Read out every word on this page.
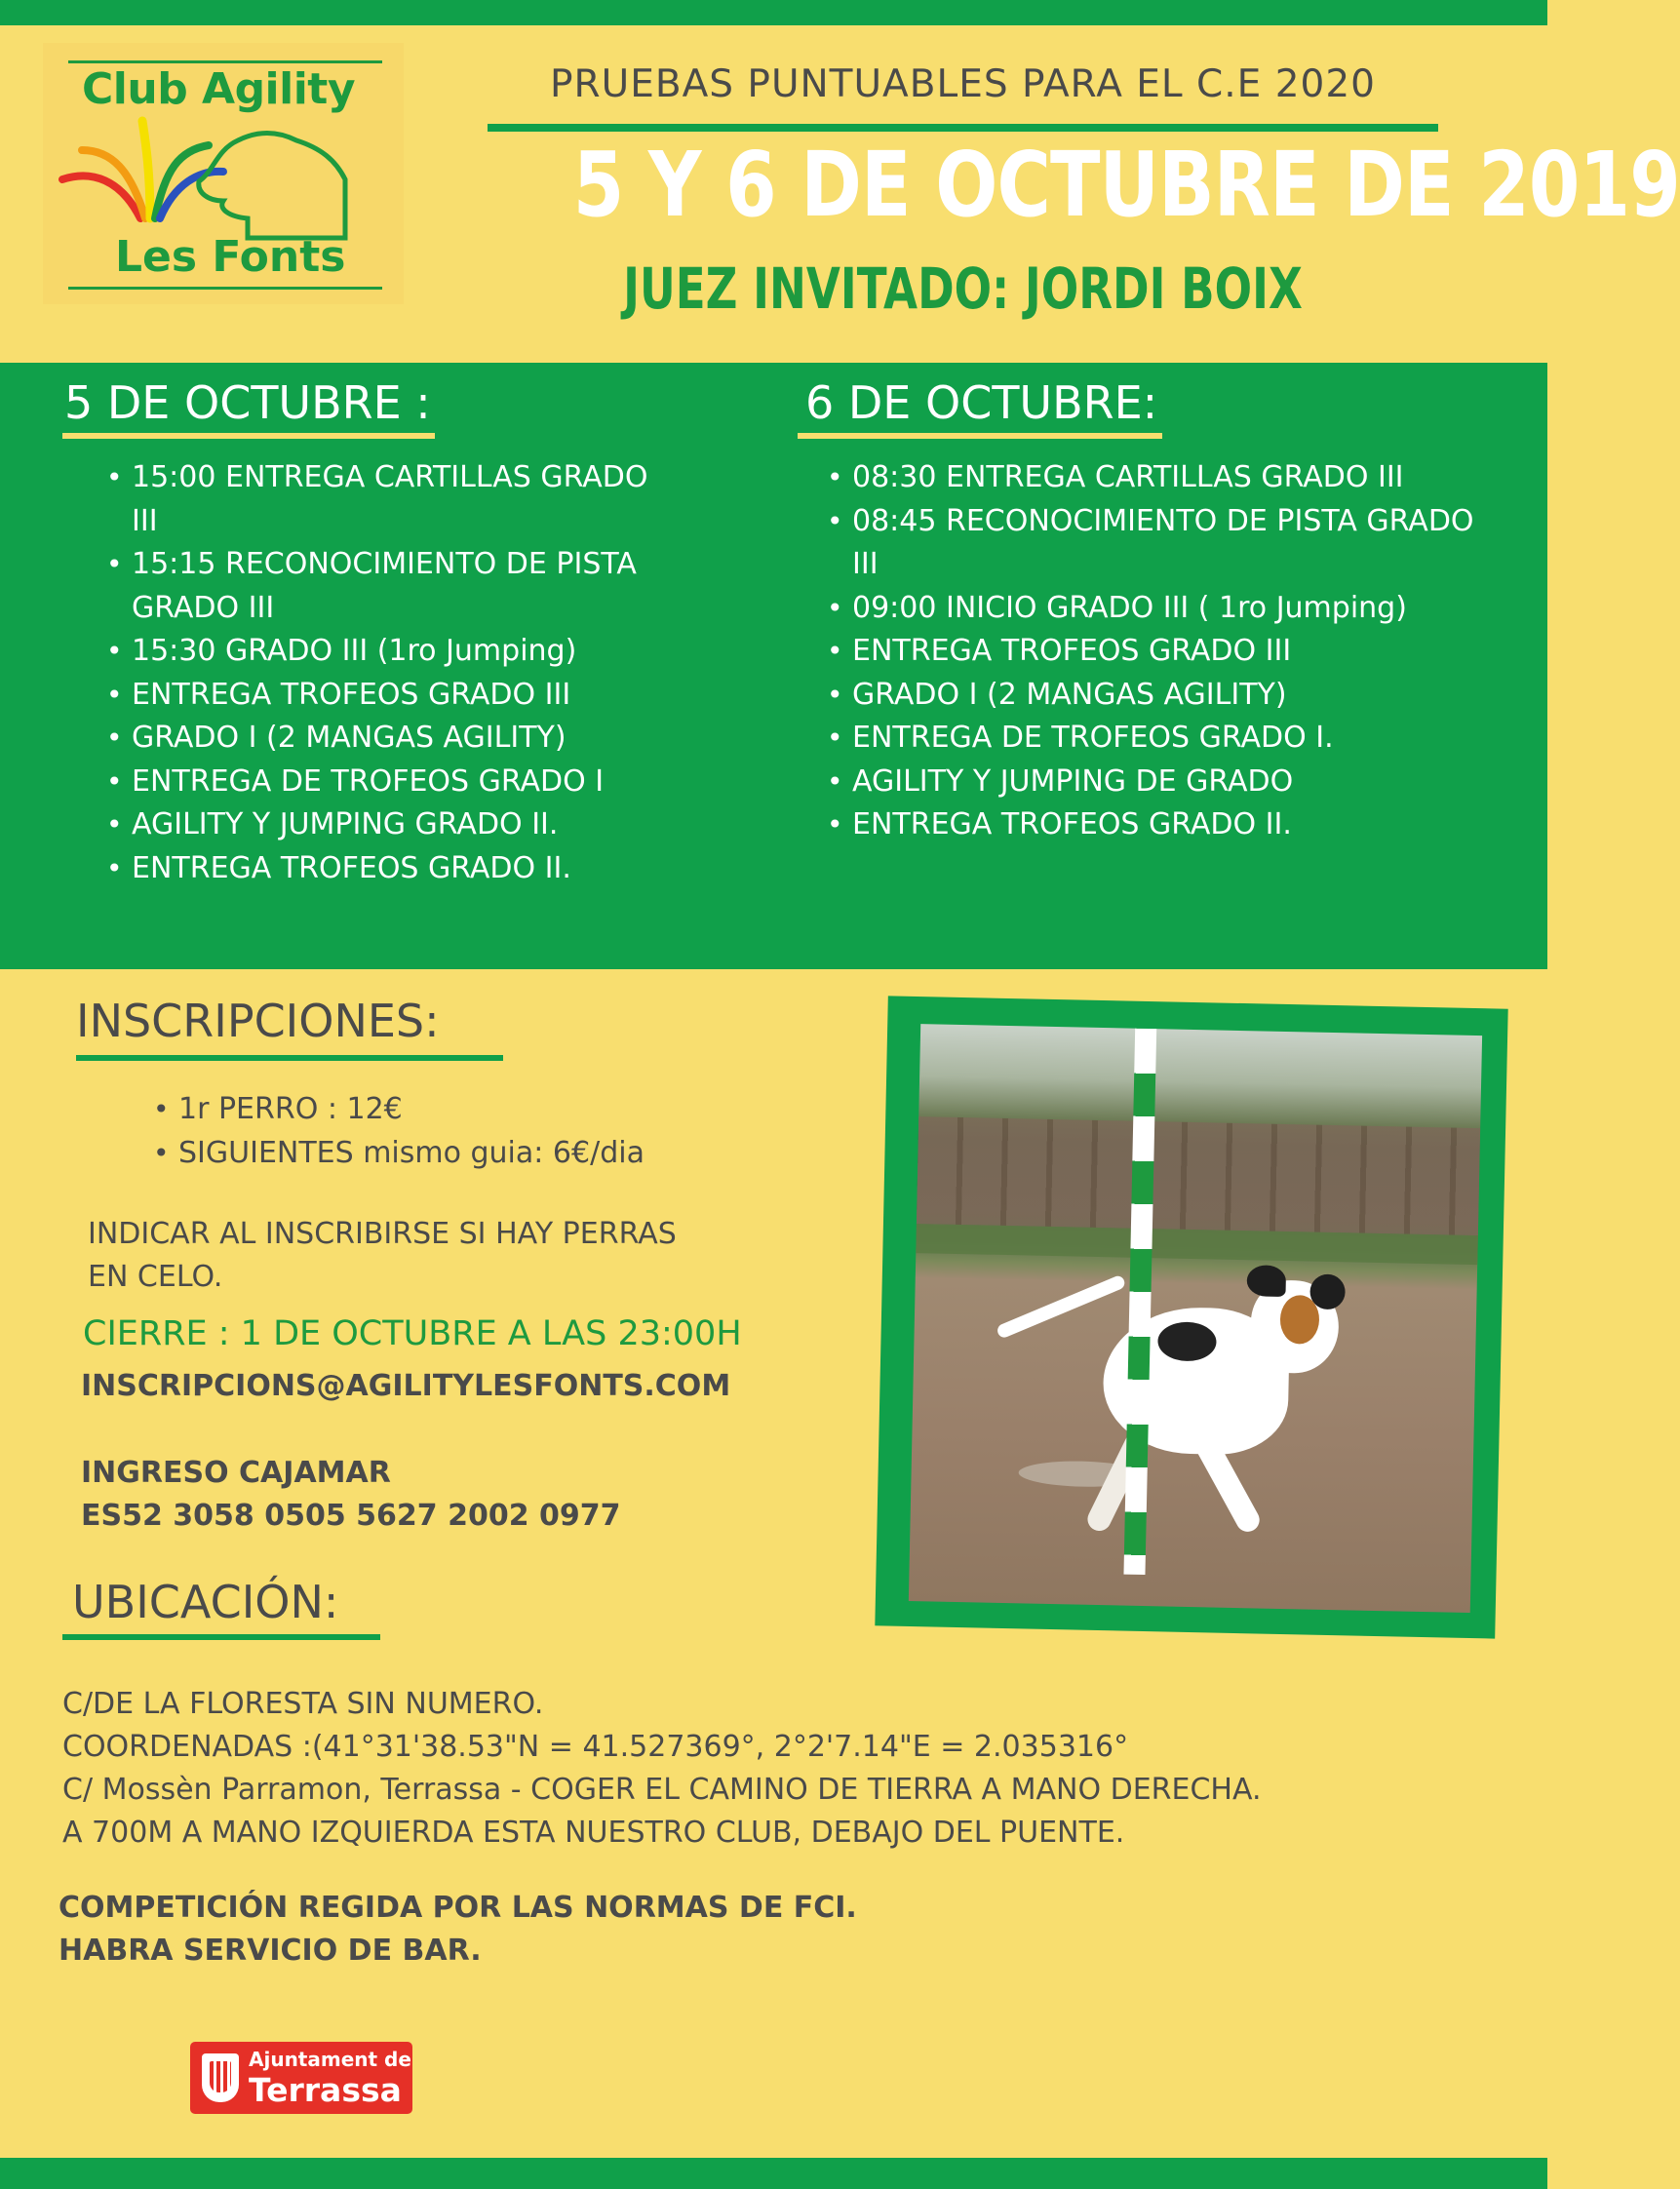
Club Agility
Les Fonts
PRUEBAS PUNTUABLES PARA EL C.E 2020
5 Y 6 DE OCTUBRE DE 2019
JUEZ INVITADO: JORDI BOIX
5 DE OCTUBRE :
• 15:00 ENTREGA CARTILLAS GRADO III
• 15:15 RECONOCIMIENTO DE PISTA GRADO III
• 15:30 GRADO III (1ro Jumping)
• ENTREGA TROFEOS GRADO III
• GRADO I (2 MANGAS AGILITY)
• ENTREGA DE TROFEOS GRADO I
• AGILITY Y JUMPING GRADO II.
• ENTREGA TROFEOS GRADO II.
6 DE OCTUBRE:
• 08:30 ENTREGA CARTILLAS GRADO III
• 08:45 RECONOCIMIENTO DE PISTA GRADO III
• 09:00 INICIO GRADO III ( 1ro Jumping)
• ENTREGA TROFEOS GRADO III
• GRADO I (2 MANGAS AGILITY)
• ENTREGA DE TROFEOS GRADO I.
• AGILITY Y JUMPING DE GRADO
• ENTREGA TROFEOS GRADO II.
INSCRIPCIONES:
• 1r PERRO : 12€
• SIGUIENTES mismo guia: 6€/dia
INDICAR AL INSCRIBIRSE SI HAY PERRAS
EN CELO.
CIERRE : 1 DE OCTUBRE A LAS 23:00H
INSCRIPCIONS@AGILITYLESFONTS.COM
INGRESO CAJAMAR
ES52 3058 0505 5627 2002 0977
UBICACIÓN:
C/DE LA FLORESTA SIN NUMERO.
COORDENADAS :(41°31'38.53"N = 41.527369°, 2°2'7.14"E = 2.035316°
C/ Mossèn Parramon, Terrassa - COGER EL CAMINO DE TIERRA A MANO DERECHA.
A 700M A MANO IZQUIERDA ESTA NUESTRO CLUB, DEBAJO DEL PUENTE.
COMPETICIÓN REGIDA POR LAS NORMAS DE FCI.
HABRA SERVICIO DE BAR.
Ajuntament de
Terrassa
